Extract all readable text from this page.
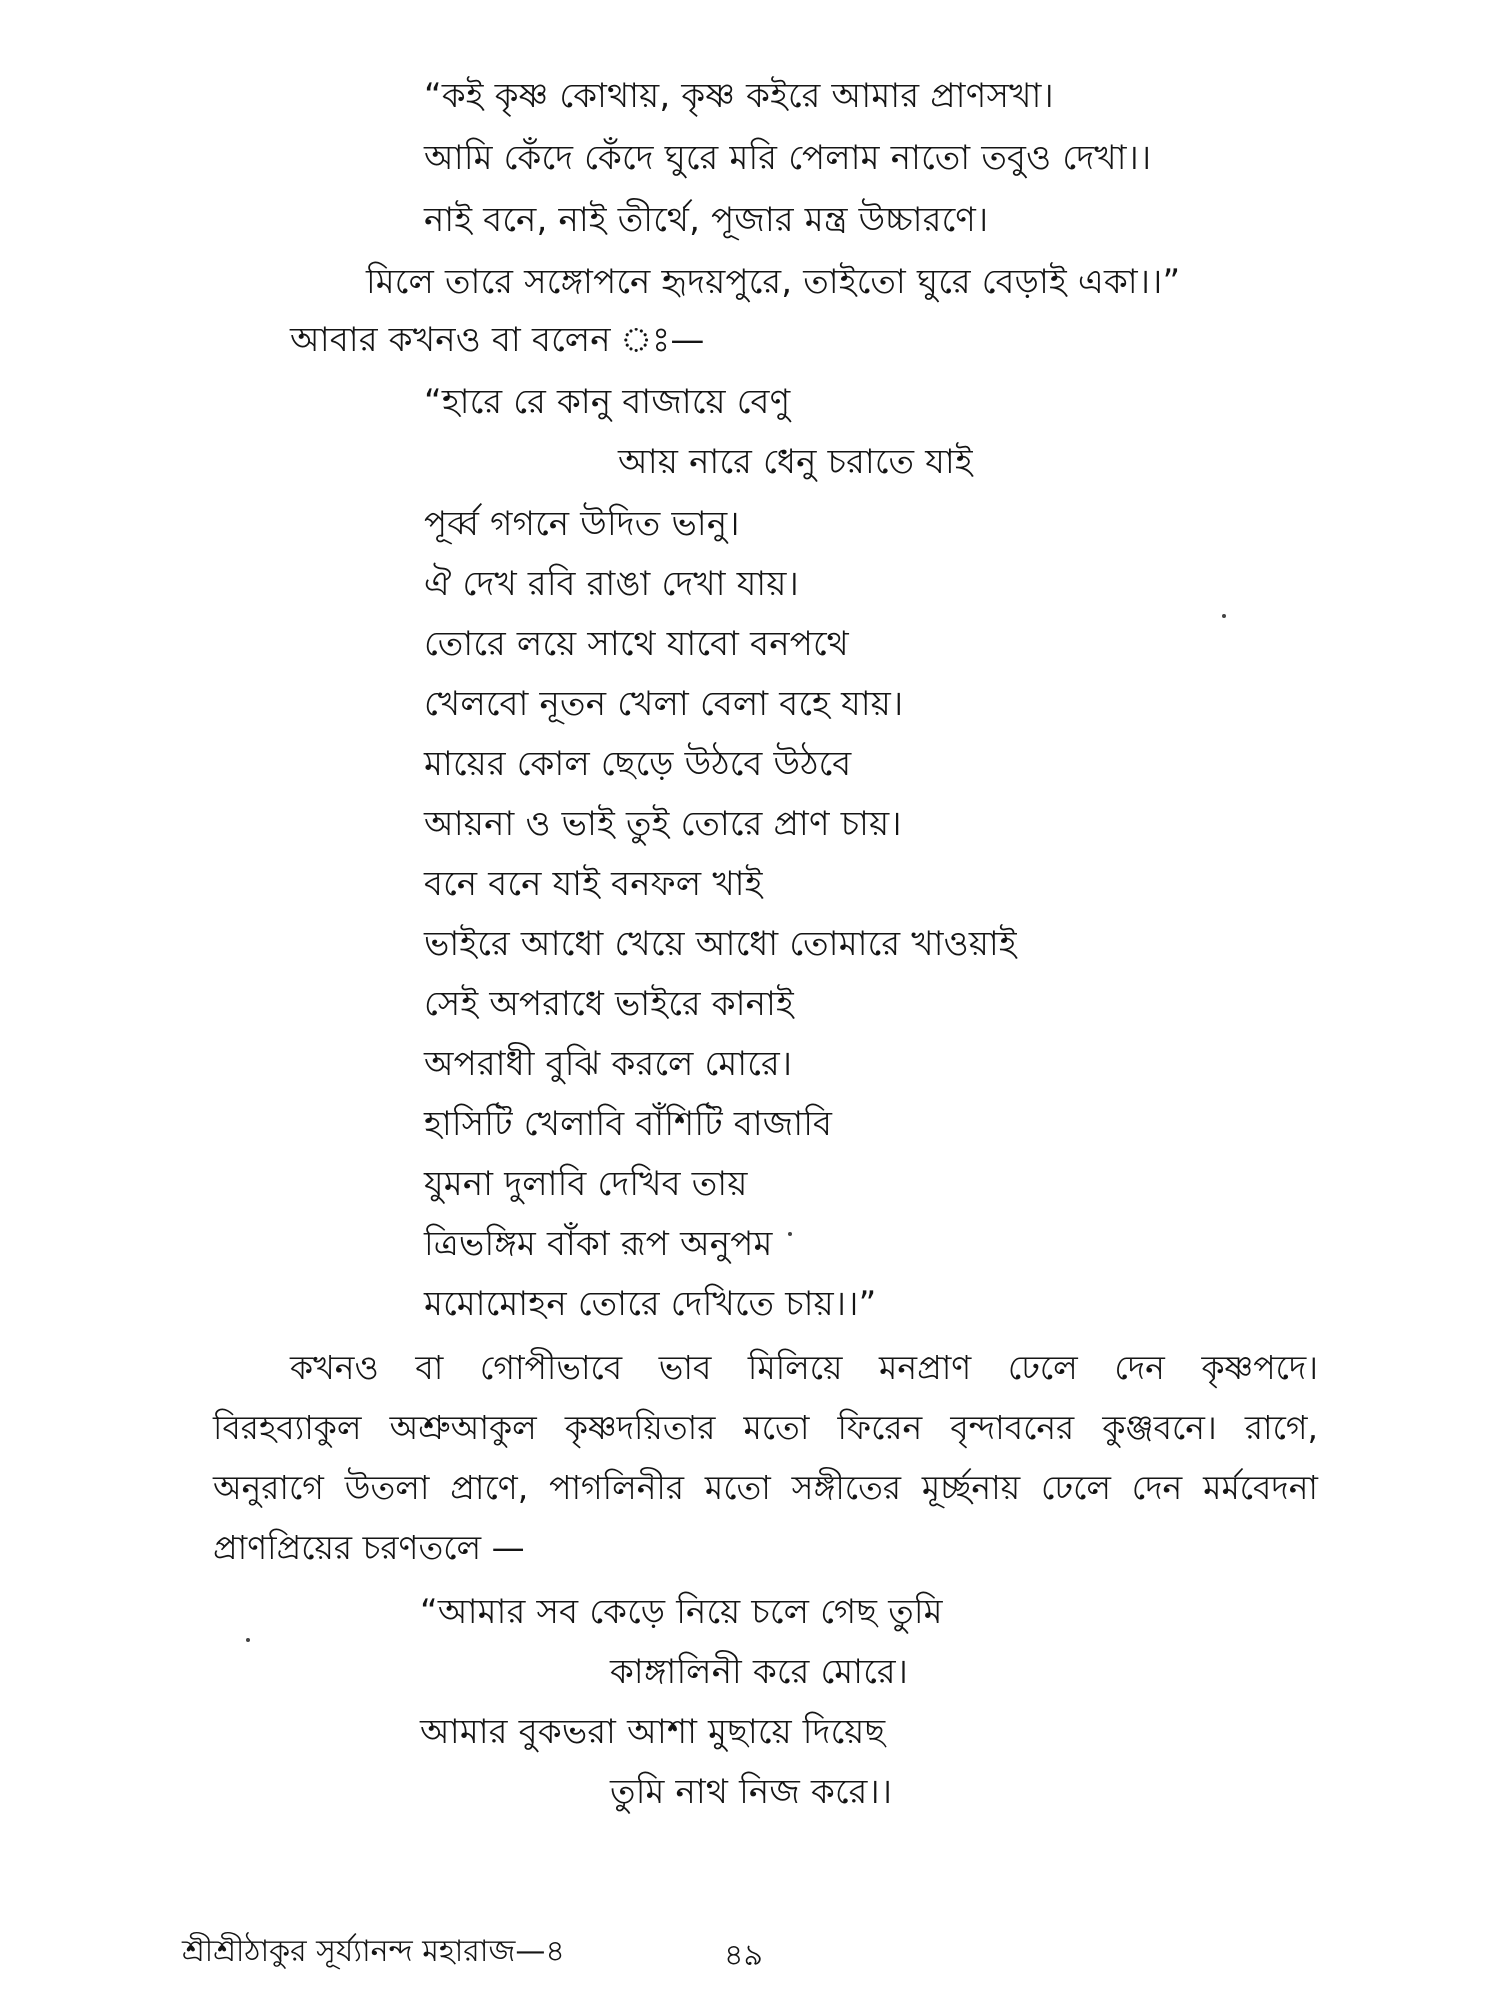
“কই কৃষ্ণ কোথায়, কৃষ্ণ কইরে আমার প্রাণসখা।
আমি কেঁদে কেঁদে ঘুরে মরি পেলাম নাতো তবুও দেখা।।
নাই বনে, নাই তীর্থে, পূজার মন্ত্র উচ্চারণে।
মিলে তারে সঙ্গোপনে হৃদয়পুরে, তাইতো ঘুরে বেড়াই একা।।”
আবার কখনও বা বলেন ঃ—
“হারে রে কানু বাজায়ে বেণু
আয় নারে ধেনু চরাতে যাই
পূর্ব্ব গগনে উদিত ভানু।
ঐ দেখ রবি রাঙা দেখা যায়।
তোরে লয়ে সাথে যাবো বনপথে
খেলবো নূতন খেলা বেলা বহে যায়।
মায়ের কোল ছেড়ে উঠবে উঠবে
আয়না ও ভাই তুই তোরে প্রাণ চায়।
বনে বনে যাই বনফল খাই
ভাইরে আধো খেয়ে আধো তোমারে খাওয়াই
সেই অপরাধে ভাইরে কানাই
অপরাধী বুঝি করলে মোরে।
হাসিটি খেলাবি বাঁশিটি বাজাবি
যুমনা দুলাবি দেখিব তায়
ত্রিভঙ্গিম বাঁকা রূপ অনুপম
মমোমোহন তোরে দেখিতে চায়।।”
কখনও বা গোপীভাবে ভাব মিলিয়ে মনপ্রাণ ঢেলে দেন কৃষ্ণপদে।
বিরহব্যাকুল অশ্রুআকুল কৃষ্ণদয়িতার মতো ফিরেন বৃন্দাবনের কুঞ্জবনে। রাগে,
অনুরাগে উতলা প্রাণে, পাগলিনীর মতো সঙ্গীতের মূর্চ্ছনায় ঢেলে দেন মর্মবেদনা
প্রাণপ্রিয়ের চরণতলে —
“আমার সব কেড়ে নিয়ে চলে গেছ তুমি
কাঙ্গালিনী করে মোরে।
আমার বুকভরা আশা মুছায়ে দিয়েছ
তুমি নাথ নিজ করে।।
শ্রীশ্রীঠাকুর সূর্য্যানন্দ মহারাজ—৪	৪৯
